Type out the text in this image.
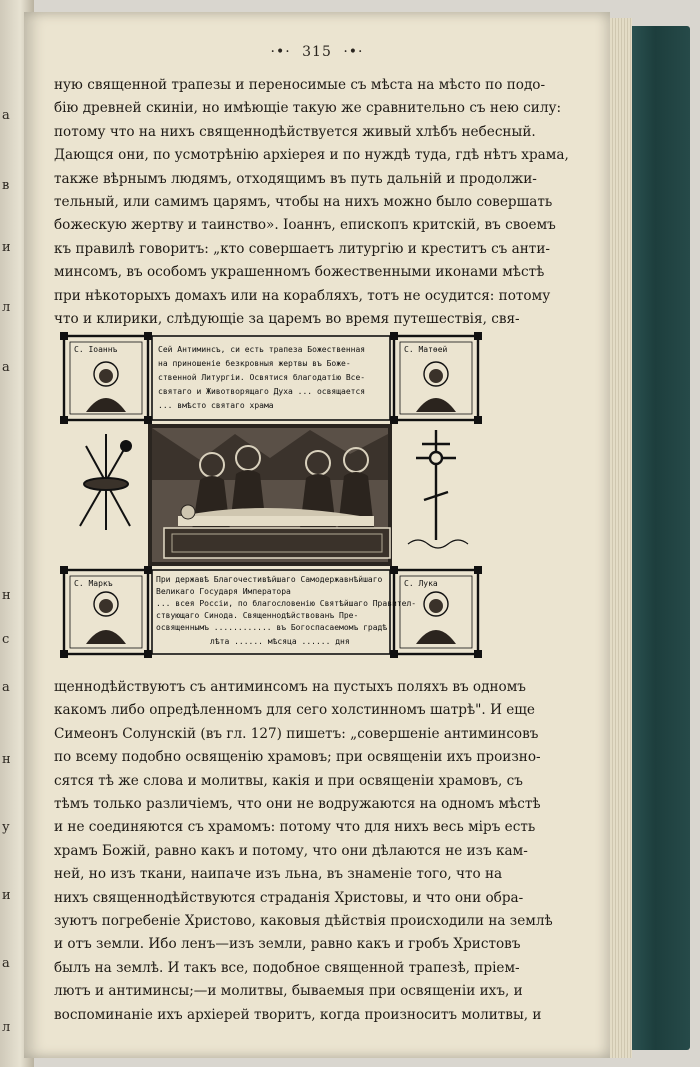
а
в
и
л
а
н
с
а
н
у
и
а
л
·•· 315 ·•·
ную священной трапезы и переносимые съ мѣста на мѣсто по подо-
бію древней скиніи, но имѣющіе такую же сравнительно съ нею силу:
потому что на нихъ священнодѣйствуется живый хлѣбъ небесный.
Дающся они, по усмотрѣнію архіерея и по нуждѣ туда, гдѣ нѣтъ храма,
также вѣрнымъ людямъ, отходящимъ въ путь дальній и продолжи-
тельный, или самимъ царямъ, чтобы на нихъ можно было совершать
божескую жертву и таинство». Іоаннъ, епископъ критскій, въ своемъ
къ правилѣ говоритъ: „кто совершаетъ литургію и креститъ съ анти-
минсомъ, въ особомъ украшенномъ божественными иконами мѣстѣ
при нѣкоторыхъ домахъ или на корабляхъ, тотъ не осудится: потому
что и клирики, слѣдующіе за царемъ во время путешествія, свя-
Сей Антиминсъ, си есть трапеза Божественная
на приношеніе безкровныя жертвы въ Боже-
ственной Литургіи. Освятися благодатію Все-
святаго и Животворящаго Духа ... освящается
... вмѣсто святаго храма
При державѣ Благочестивѣйшаго Самодержавнѣйшаго
Великаго Государя Императора
... всея Россіи, по благословенію Святѣйшаго Правител-
ствующаго Синода. Священнодѣйствованъ Пре-
освященнымъ ............ въ Богоспасаемомъ градѣ
лѣта ...... мѣсяца ...... дня
С. Іоаннъ	С. Матѳей
С. Маркъ	С. Лука
щеннодѣйствуютъ съ антиминсомъ на пустыхъ поляхъ въ одномъ
какомъ либо опредѣленномъ для сего холстинномъ шатрѣ". И еще
Симеонъ Солунскій (въ гл. 127) пишетъ: „совершеніе антиминсовъ
по всему подобно освященію храмовъ; при освященіи ихъ произно-
сятся тѣ же слова и молитвы, какія и при освященіи храмовъ, съ
тѣмъ только различіемъ, что они не водружаются на одномъ мѣстѣ
и не соединяются съ храмомъ: потому что для нихъ весь міръ есть
храмъ Божій, равно какъ и потому, что они дѣлаются не изъ кам-
ней, но изъ ткани, наипаче изъ льна, въ знаменіе того, что на
нихъ священнодѣйствуются страданія Христовы, и что они обра-
зуютъ погребеніе Христово, каковыя дѣйствія происходили на землѣ
и отъ земли. Ибо ленъ—изъ земли, равно какъ и гробъ Христовъ
былъ на землѣ. И такъ все, подобное священной трапезѣ, пріем-
лютъ и антиминсы;—и молитвы, бываемыя при освященіи ихъ, и
воспоминаніе ихъ архіерей творитъ, когда произноситъ молитвы, и
